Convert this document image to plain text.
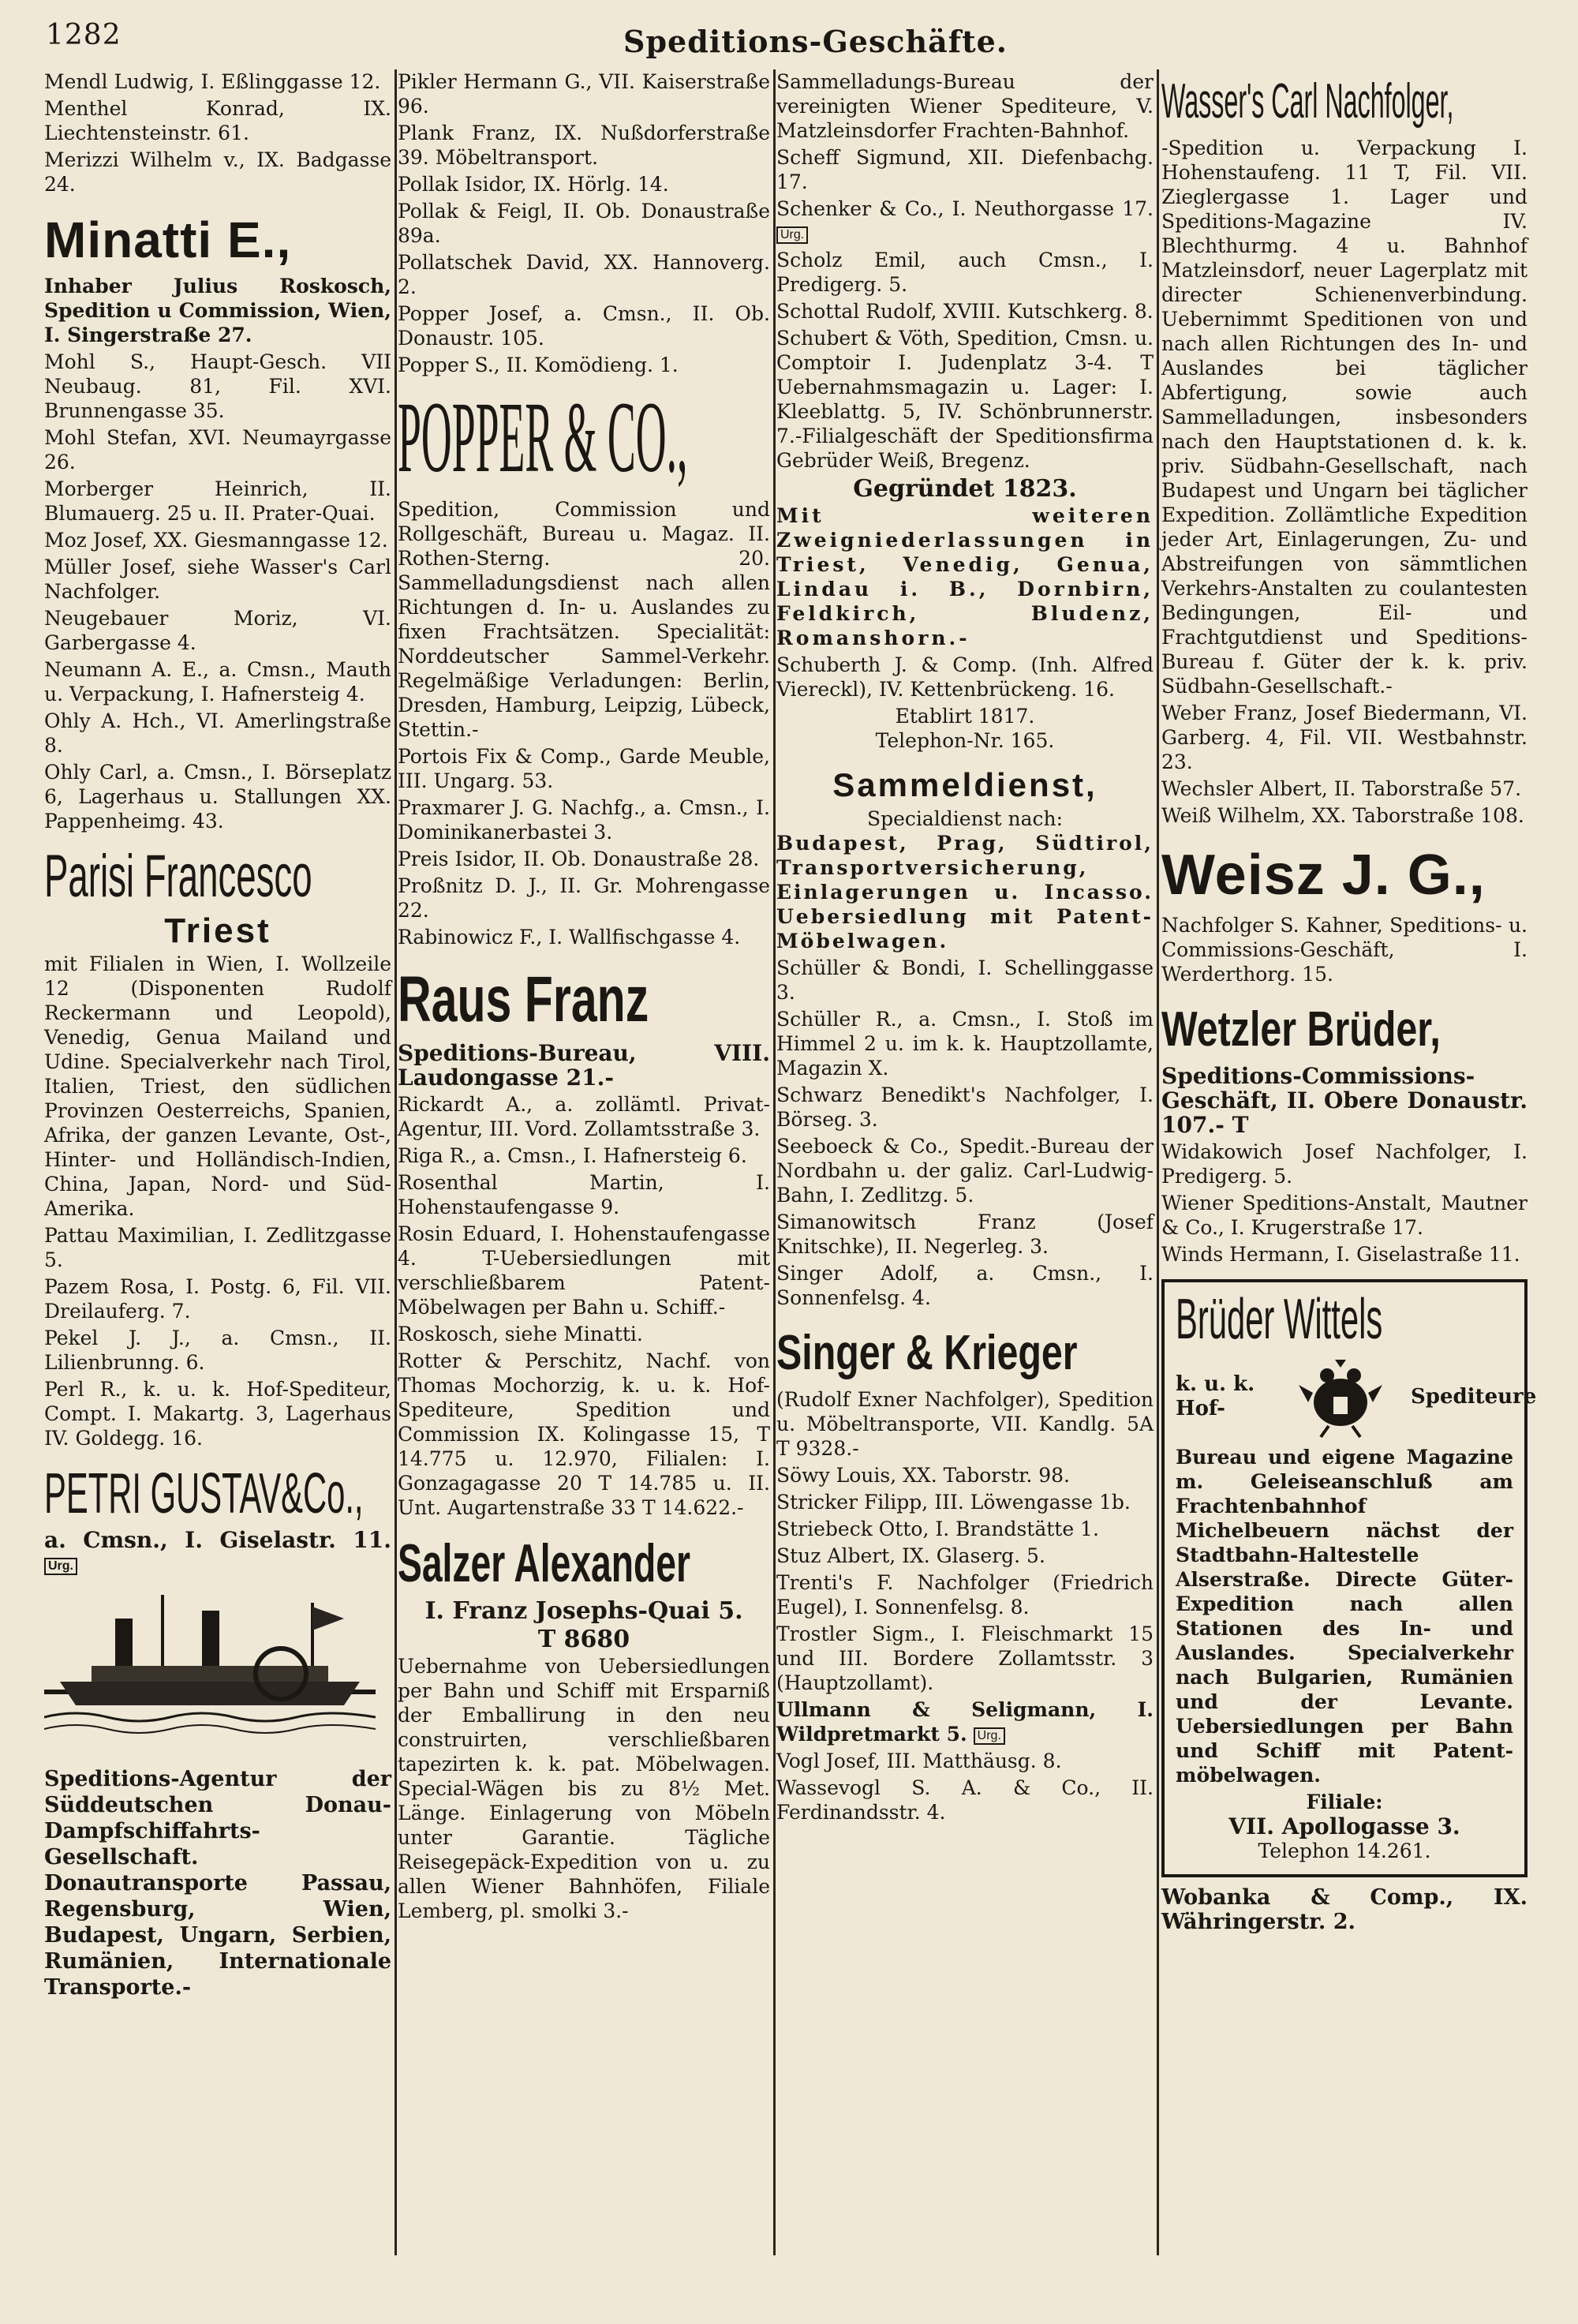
1282	Speditions-Geschäfte.
Mendl Ludwig, I. Eßlinggasse 12.
Menthel Konrad, IX. Liechtensteinstr. 61.
Merizzi Wilhelm v., IX. Badgasse 24.
Minatti E.,
Inhaber Julius Roskosch, Spedition u Commission, Wien, I. Singerstraße 27.
Mohl S., Haupt-Gesch. VII Neubaug. 81, Fil. XVI. Brunnengasse 35.
Mohl Stefan, XVI. Neumayrgasse 26.
Morberger Heinrich, II. Blumauerg. 25 u. II. Prater-Quai.
Moz Josef, XX. Giesmanngasse 12.
Müller Josef, siehe Wasser's Carl Nachfolger.
Neugebauer Moriz, VI. Garbergasse 4.
Neumann A. E., a. Cmsn., Mauth u. Verpackung, I. Hafnersteig 4.
Ohly A. Hch., VI. Amerlingstraße 8.
Ohly Carl, a. Cmsn., I. Börseplatz 6, Lagerhaus u. Stallungen XX. Pappenheimg. 43.
Parisi Francesco
Triest
mit Filialen in Wien, I. Wollzeile 12 (Disponenten Rudolf Reckermann und Leopold), Venedig, Genua Mailand und Udine. Specialverkehr nach Tirol, Italien, Triest, den südlichen Provinzen Oesterreichs, Spanien, Afrika, der ganzen Levante, Ost-, Hinter- und Holländisch-Indien, China, Japan, Nord- und Süd-Amerika.
Pattau Maximilian, I. Zedlitzgasse 5.
Pazem Rosa, I. Postg. 6, Fil. VII. Dreilauferg. 7.
Pekel J. J., a. Cmsn., II. Lilienbrunng. 6.
Perl R., k. u. k. Hof-Spediteur, Compt. I. Makartg. 3, Lagerhaus IV. Goldegg. 16.
PETRI GUSTAV&Co.,
a. Cmsn., I. Giselastr. 11. Urg.
Speditions-Agentur der Süddeutschen Donau-Dampfschiffahrts-Gesellschaft. Donautransporte Passau, Regensburg, Wien, Budapest, Ungarn, Serbien, Rumänien, Internationale Transporte.-
Pikler Hermann G., VII. Kaiserstraße 96.
Plank Franz, IX. Nußdorferstraße 39. Möbeltransport.
Pollak Isidor, IX. Hörlg. 14.
Pollak & Feigl, II. Ob. Donaustraße 89a.
Pollatschek David, XX. Hannoverg. 2.
Popper Josef, a. Cmsn., II. Ob. Donaustr. 105.
Popper S., II. Komödieng. 1.
POPPER & CO.,
Spedition, Commission und Rollgeschäft, Bureau u. Magaz. II. Rothen-Sterng. 20. Sammelladungsdienst nach allen Richtungen d. In- u. Auslandes zu fixen Frachtsätzen. Specialität: Norddeutscher Sammel-Verkehr. Regelmäßige Verladungen: Berlin, Dresden, Hamburg, Leipzig, Lübeck, Stettin.-
Portois Fix & Comp., Garde Meuble, III. Ungarg. 53.
Praxmarer J. G. Nachfg., a. Cmsn., I. Dominikanerbastei 3.
Preis Isidor, II. Ob. Donaustraße 28.
Proßnitz D. J., II. Gr. Mohrengasse 22.
Rabinowicz F., I. Wallfischgasse 4.
Raus Franz
Speditions-Bureau, VIII. Laudongasse 21.-
Rickardt A., a. zollämtl. Privat-Agentur, III. Vord. Zollamtsstraße 3.
Riga R., a. Cmsn., I. Hafnersteig 6.
Rosenthal Martin, I. Hohenstaufengasse 9.
Rosin Eduard, I. Hohenstaufengasse 4. T-Uebersiedlungen mit verschließbarem Patent-Möbelwagen per Bahn u. Schiff.-
Roskosch, siehe Minatti.
Rotter & Perschitz, Nachf. von Thomas Mochorzig, k. u. k. Hof-Spediteure, Spedition und Commission IX. Kolingasse 15, T 14.775 u. 12.970, Filialen: I. Gonzagagasse 20 T 14.785 u. II. Unt. Augartenstraße 33 T 14.622.-
Salzer Alexander
I. Franz Josephs-Quai 5.
T 8680
Uebernahme von Uebersiedlungen per Bahn und Schiff mit Ersparniß der Emballirung in den neu construirten, verschließbaren tapezirten k. k. pat. Möbelwagen. Special-Wägen bis zu 8½ Met. Länge. Einlagerung von Möbeln unter Garantie. Tägliche Reisegepäck-Expedition von u. zu allen Wiener Bahnhöfen, Filiale Lemberg, pl. smolki 3.-
Sammelladungs-Bureau der vereinigten Wiener Spediteure, V. Matzleinsdorfer Frachten-Bahnhof.
Scheff Sigmund, XII. Diefenbachg. 17.
Schenker & Co., I. Neuthorgasse 17. Urg.
Scholz Emil, auch Cmsn., I. Predigerg. 5.
Schottal Rudolf, XVIII. Kutschkerg. 8.
Schubert & Vöth, Spedition, Cmsn. u. Comptoir I. Judenplatz 3-4. T Uebernahmsmagazin u. Lager: I. Kleeblattg. 5, IV. Schönbrunnerstr. 7.-Filialgeschäft der Speditionsfirma Gebrüder Weiß, Bregenz.
Gegründet 1823.
Mit weiteren Zweigniederlassungen in Triest, Venedig, Genua, Lindau i. B., Dornbirn, Feldkirch, Bludenz, Romanshorn.-
Schuberth J. & Comp. (Inh. Alfred Viereckl), IV. Kettenbrückeng. 16.
Etablirt 1817.
Telephon-Nr. 165.
Sammeldienst,
Specialdienst nach:
Budapest, Prag, Südtirol, Transportversicherung, Einlagerungen u. Incasso. Uebersiedlung mit Patent-Möbelwagen.
Schüller & Bondi, I. Schellinggasse 3.
Schüller R., a. Cmsn., I. Stoß im Himmel 2 u. im k. k. Hauptzollamte, Magazin X.
Schwarz Benedikt's Nachfolger, I. Börseg. 3.
Seeboeck & Co., Spedit.-Bureau der Nordbahn u. der galiz. Carl-Ludwig-Bahn, I. Zedlitzg. 5.
Simanowitsch Franz (Josef Knitschke), II. Negerleg. 3.
Singer Adolf, a. Cmsn., I. Sonnenfelsg. 4.
Singer & Krieger
(Rudolf Exner Nachfolger), Spedition u. Möbeltransporte, VII. Kandlg. 5A T 9328.-
Söwy Louis, XX. Taborstr. 98.
Stricker Filipp, III. Löwengasse 1b.
Striebeck Otto, I. Brandstätte 1.
Stuz Albert, IX. Glaserg. 5.
Trenti's F. Nachfolger (Friedrich Eugel), I. Sonnenfelsg. 8.
Trostler Sigm., I. Fleischmarkt 15 und III. Bordere Zollamtsstr. 3 (Hauptzollamt).
Ullmann & Seligmann, I. Wildpretmarkt 5. Urg.
Vogl Josef, III. Matthäusg. 8.
Wassevogl S. A. & Co., II. Ferdinandsstr. 4.
Wasser's Carl Nachfolger,
-Spedition u. Verpackung I. Hohenstaufeng. 11 T, Fil. VII. Zieglergasse 1. Lager und Speditions-Magazine IV. Blechthurmg. 4 u. Bahnhof Matzleinsdorf, neuer Lagerplatz mit directer Schienenverbindung. Uebernimmt Speditionen von und nach allen Richtungen des In- und Auslandes bei täglicher Abfertigung, sowie auch Sammelladungen, insbesonders nach den Hauptstationen d. k. k. priv. Südbahn-Gesellschaft, nach Budapest und Ungarn bei täglicher Expedition. Zollämtliche Expedition jeder Art, Einlagerungen, Zu- und Abstreifungen von sämmtlichen Verkehrs-Anstalten zu coulantesten Bedingungen, Eil- und Frachtgutdienst und Speditions-Bureau f. Güter der k. k. priv. Südbahn-Gesellschaft.-
Weber Franz, Josef Biedermann, VI. Garberg. 4, Fil. VII. Westbahnstr. 23.
Wechsler Albert, II. Taborstraße 57.
Weiß Wilhelm, XX. Taborstraße 108.
Weisz J. G.,
Nachfolger S. Kahner, Speditions- u. Commissions-Geschäft, I. Werderthorg. 15.
Wetzler Brüder,
Speditions-Commissions-Geschäft, II. Obere Donaustr. 107.- T
Widakowich Josef Nachfolger, I. Predigerg. 5.
Wiener Speditions-Anstalt, Mautner & Co., I. Krugerstraße 17.
Winds Hermann, I. Giselastraße 11.
Brüder Wittels
k. u. k. Hof-
Spediteure
Bureau und eigene Magazine m. Geleiseanschluß am Frachtenbahnhof Michelbeuern nächst der Stadtbahn-Haltestelle Alserstraße. Directe Güter-Expedition nach allen Stationen des In- und Auslandes. Specialverkehr nach Bulgarien, Rumänien und der Levante. Uebersiedlungen per Bahn und Schiff mit Patent-möbelwagen.
Filiale:
VII. Apollogasse 3.
Telephon 14.261.
Wobanka & Comp., IX. Währingerstr. 2.
